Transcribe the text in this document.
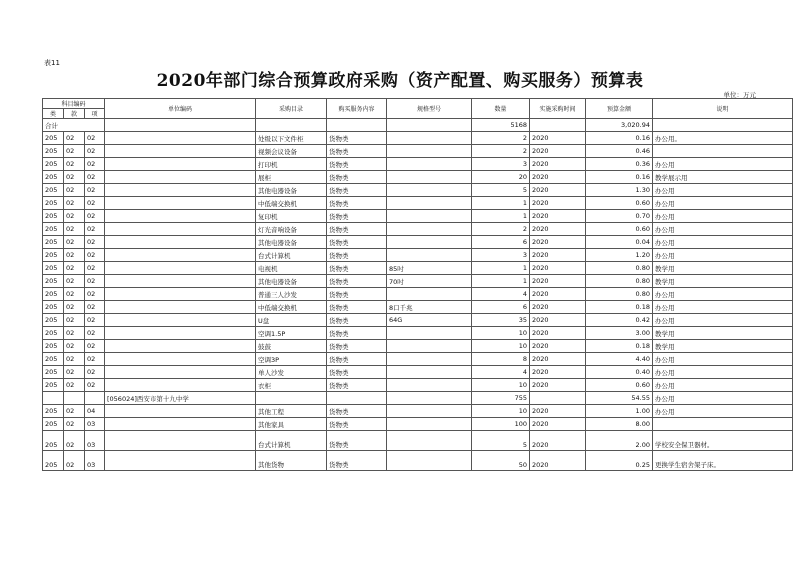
表11
2020年部门综合预算政府采购（资产配置、购买服务）预算表
单位：万元
科目编码			单位编码	采购目录	购买服务内容	规格型号	数量	实施采购时间	预算金额	说明
类	款	项								
合计							5168		3,020.94	
205	02	02		处级以下文件柜	货物类		2	2020	0.16	办公用。
205	02	02		视频会议设备	货物类		2	2020	0.46	
205	02	02		打印机	货物类		3	2020	0.36	办公用
205	02	02		展柜	货物类		20	2020	0.16	教学展示用
205	02	02		其他电器设备	货物类		5	2020	1.30	办公用
205	02	02		中低端交换机	货物类		1	2020	0.60	办公用
205	02	02		复印机	货物类		1	2020	0.70	办公用
205	02	02		灯光音响设备	货物类		2	2020	0.60	办公用
205	02	02		其他电器设备	货物类		6	2020	0.04	办公用
205	02	02		台式计算机	货物类		3	2020	1.20	办公用
205	02	02		电视机	货物类	85吋	1	2020	0.80	教学用
205	02	02		其他电器设备	货物类	70吋	1	2020	0.80	教学用
205	02	02		普通三人沙发	货物类		4	2020	0.80	办公用
205	02	02		中低端交换机	货物类	8口千兆	6	2020	0.18	办公用
205	02	02		U盘	货物类	64G	35	2020	0.42	办公用
205	02	02		空调1.5P	货物类		10	2020	3.00	教学用
205	02	02		鼓鼓	货物类		10	2020	0.18	教学用
205	02	02		空调3P	货物类		8	2020	4.40	办公用
205	02	02		单人沙发	货物类		4	2020	0.40	办公用
205	02	02		衣柜	货物类		10	2020	0.60	办公用
			[056024]西安市第十九中学				755		54.55	办公用
205	02	04		其他工程	货物类		10	2020	1.00	办公用
205	02	03		其他家具	货物类		100	2020	8.00	
205	02	03		台式计算机	货物类		5	2020	2.00	学校安全保卫器材。
205	02	03		其他货物	货物类		50	2020	0.25	更换学生宿舍架子床。
